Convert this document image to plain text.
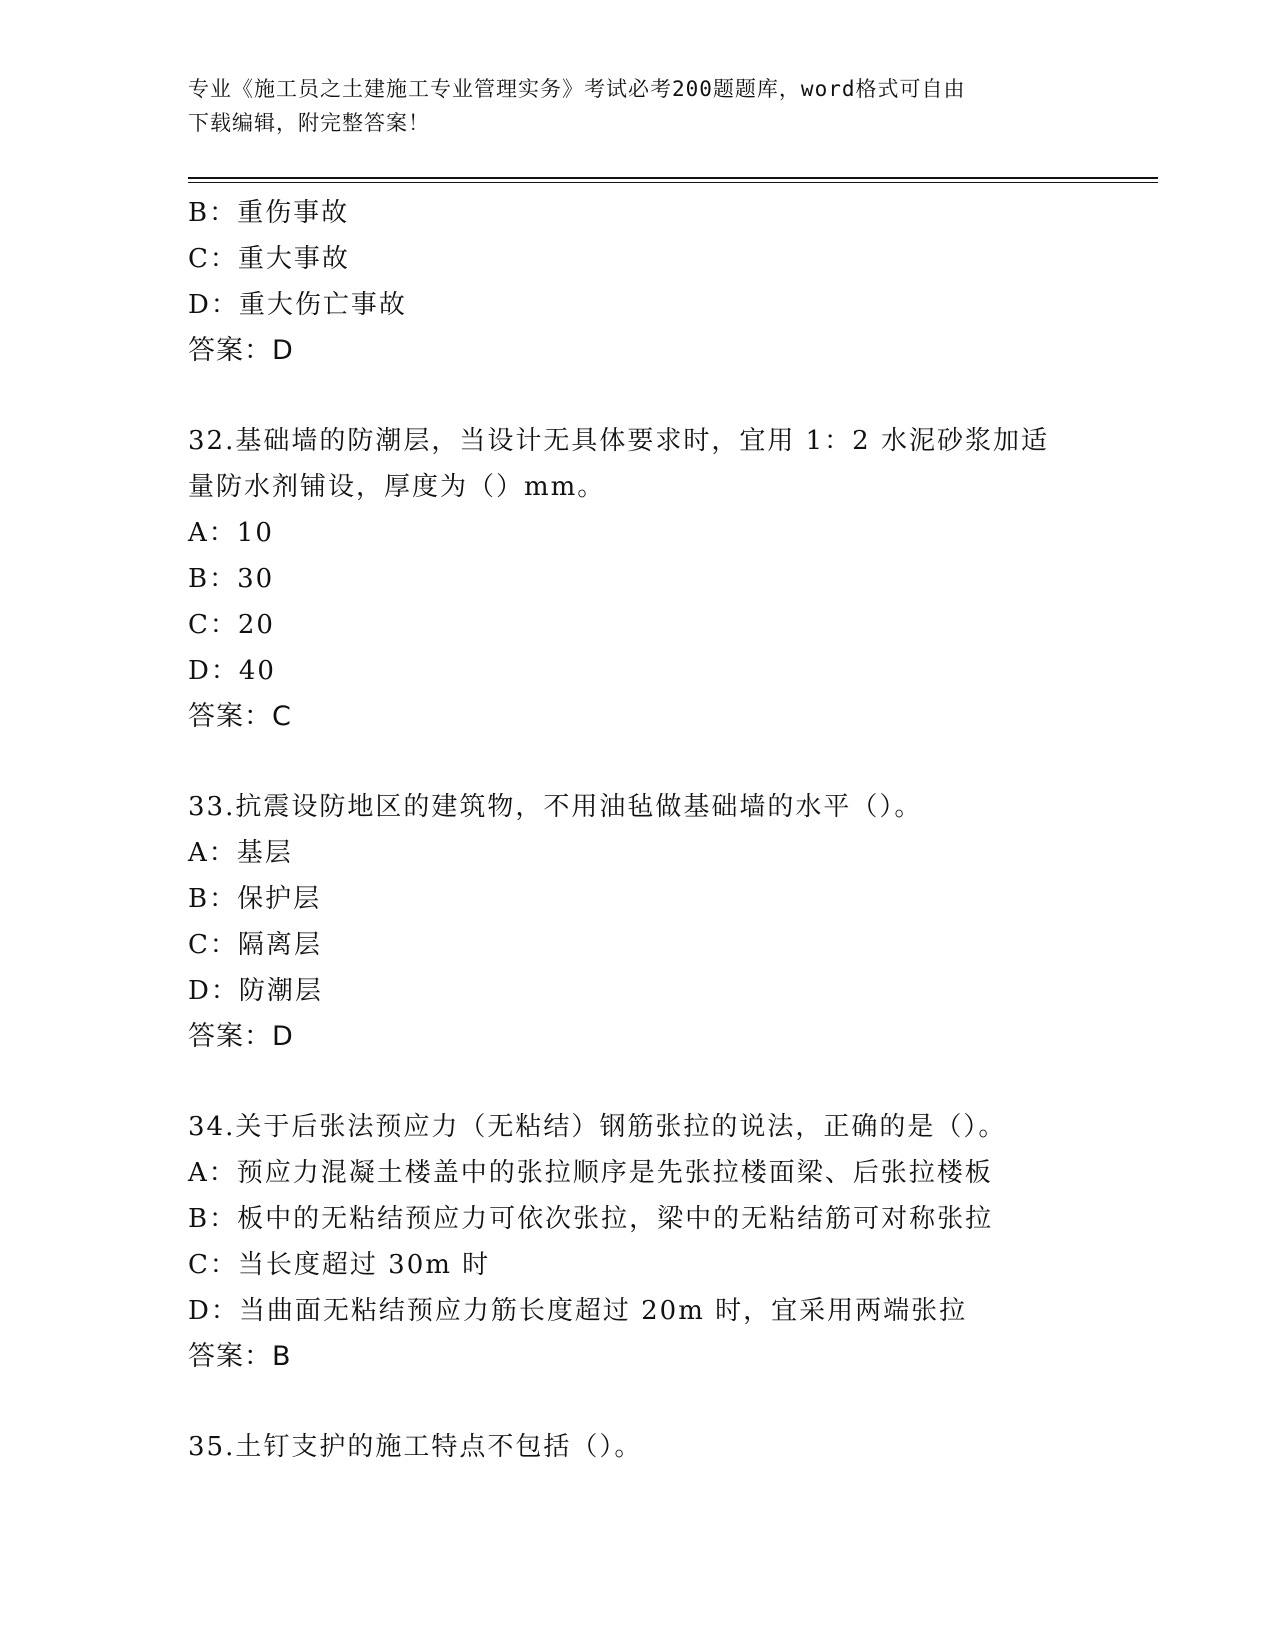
专业《施工员之土建施工专业管理实务》考试必考200题题库，word格式可自由
下载编辑，附完整答案！
B：重伤事故
C：重大事故
D：重大伤亡事故
答案：D
32.基础墙的防潮层，当设计无具体要求时，宜用 1：2 水泥砂浆加适
量防水剂铺设，厚度为（）mm。
A：10
B：30
C：20
D：40
答案：C
33.抗震设防地区的建筑物，不用油毡做基础墙的水平（）。
A：基层
B：保护层
C：隔离层
D：防潮层
答案：D
34.关于后张法预应力（无粘结）钢筋张拉的说法，正确的是（）。
A：预应力混凝土楼盖中的张拉顺序是先张拉楼面梁、后张拉楼板
B：板中的无粘结预应力可依次张拉，梁中的无粘结筋可对称张拉
C：当长度超过 30m 时
D：当曲面无粘结预应力筋长度超过 20m 时，宜采用两端张拉
答案：B
35.土钉支护的施工特点不包括（）。
